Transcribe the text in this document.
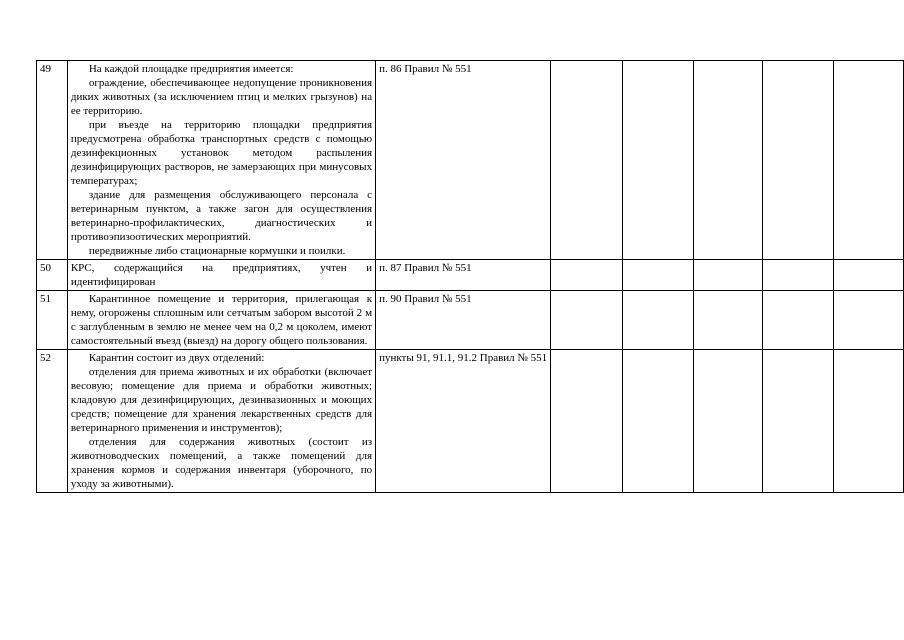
49	На каждой площадке предприятия имеется:

ограждение, обеспечивающее недопущение проникновения диких животных (за исключением птиц и мелких грызунов) на ее территорию.

при въезде на территорию площадки предприятия предусмотрена обработка транспортных средств с помощью дезинфекционных установок методом распыления дезинфицирующих растворов, не замерзающих при минусовых температурах;

здание для размещения обслуживающего персонала с ветеринарным пунктом, а также загон для осуществления ветеринарно-профилактических, диагностических и противоэпизоотических мероприятий.

передвижные либо стационарные кормушки и поилки.	п. 86 Правил № 551					
50	КРС, содержащийся на предприятиях, учтен и идентифицирован	п. 87 Правил № 551					
51	Карантинное помещение и территория, прилегающая к нему, огорожены сплошным или сетчатым забором высотой 2 м с заглубленным в землю не менее чем на 0,2 м цоколем, имеют самостоятельный въезд (выезд) на дорогу общего пользования.	п. 90 Правил № 551					
52	Карантин состоит из двух отделений:

отделения для приема животных и их обработки (включает весовую; помещение для приема и обработки животных; кладовую для дезинфицирующих, дезинвазионных и моющих средств; помещение для хранения лекарственных средств для ветеринарного применения и инструментов);

отделения для содержания животных (состоит из животноводческих помещений, а также помещений для хранения кормов и содержания инвентаря (уборочного, по уходу за животными).	пункты 91, 91.1, 91.2 Правил № 551					
